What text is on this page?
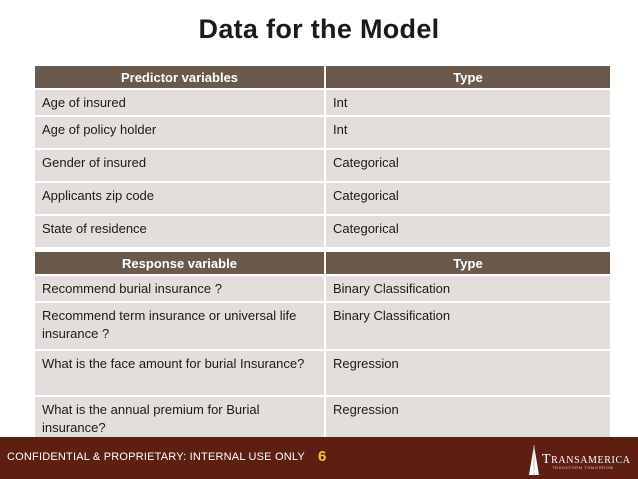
Data for the Model
Predictor variables	Type
Age of insured	Int
Age of policy holder	Int
Gender of insured	Categorical
Applicants zip code	Categorical
State of residence	Categorical
Response variable	Type
Recommend burial insurance ?	Binary Classification
Recommend term insurance or universal life insurance ?	Binary Classification
What is the face amount for burial Insurance?	Regression
What is the annual premium for Burial insurance?	Regression
CONFIDENTIAL & PROPRIETARY: INTERNAL USE ONLY 6	TRANSAMERICA
TRANSFORM TOMORROW
